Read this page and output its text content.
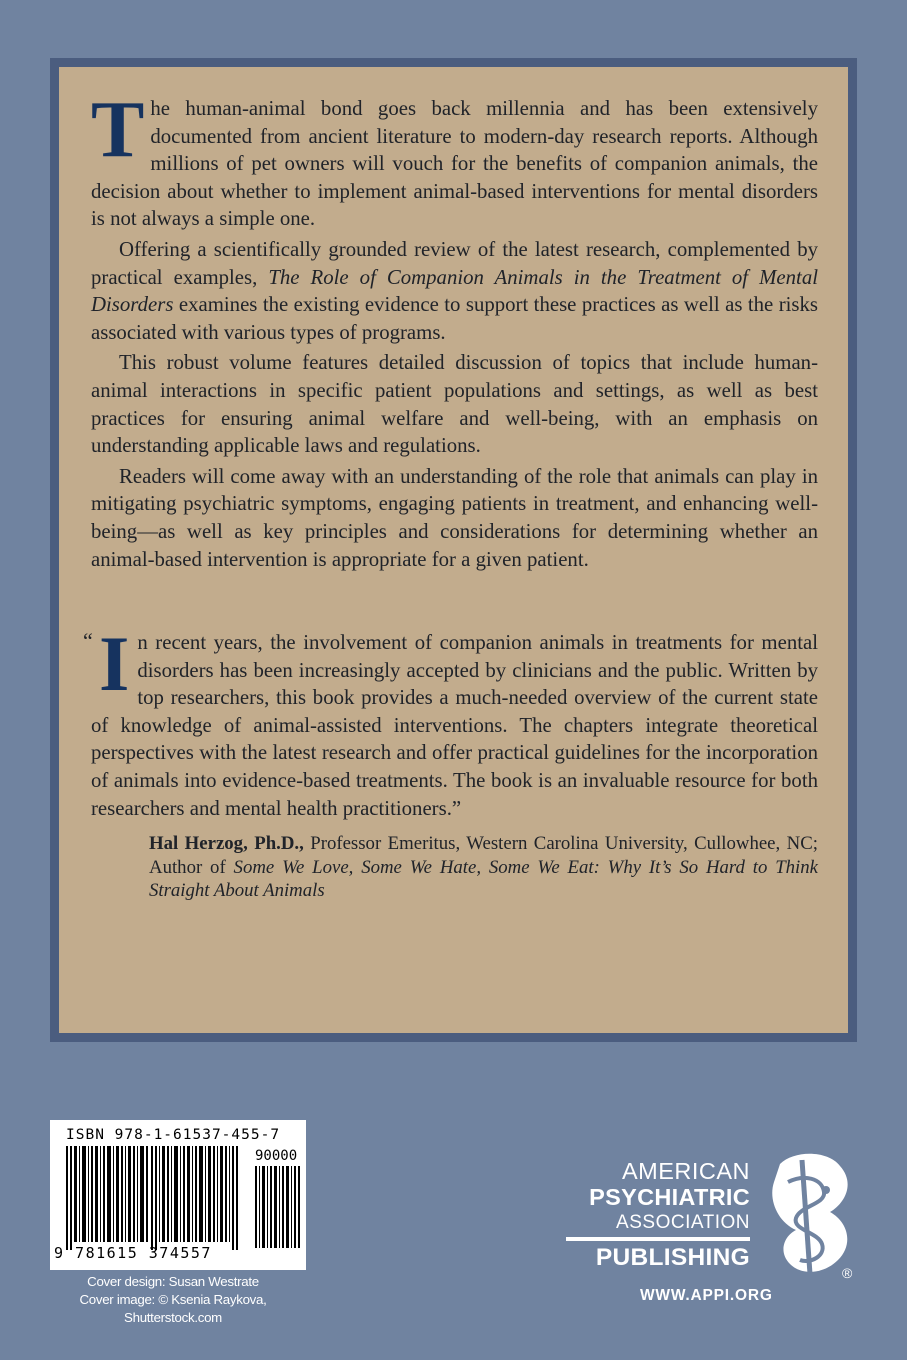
The human-animal bond goes back millennia and has been extensively documented from ancient literature to modern-day research reports. Although millions of pet owners will vouch for the benefits of companion animals, the decision about whether to implement animal-based interventions for mental disorders is not always a simple one.

Offering a scientifically grounded review of the latest research, complemented by practical examples, The Role of Companion Animals in the Treatment of Mental Disorders examines the existing evidence to support these practices as well as the risks associated with various types of programs.

This robust volume features detailed discussion of topics that include human-animal interactions in specific patient populations and settings, as well as best practices for ensuring animal welfare and well-being, with an emphasis on understanding applicable laws and regulations.

Readers will come away with an understanding of the role that animals can play in mitigating psychiatric symptoms, engaging patients in treatment, and enhancing well-being—as well as key principles and considerations for determining whether an animal-based intervention is appropriate for a given patient.

“ I n recent years, the involvement of companion animals in treatments for mental disorders has been increasingly accepted by clinicians and the public. Written by top researchers, this book provides a much-needed overview of the current state of knowledge of animal-assisted interventions. The chapters integrate theoretical perspectives with the latest research and offer practical guidelines for the incorporation of animals into evidence-based treatments. The book is an invaluable resource for both researchers and mental health practitioners.”

Hal Herzog, Ph.D., Professor Emeritus, Western Carolina University, Cullowhee, NC; Author of Some We Love, Some We Hate, Some We Eat: Why It’s So Hard to Think Straight About Animals

ISBN 978-1-61537-455-7
90000
9 781615 374557
Cover design: Susan Westrate
Cover image: © Ksenia Raykova, Shutterstock.com
AMERICAN
PSYCHIATRIC
ASSOCIATION
PUBLISHING
®
WWW.APPI.ORG
